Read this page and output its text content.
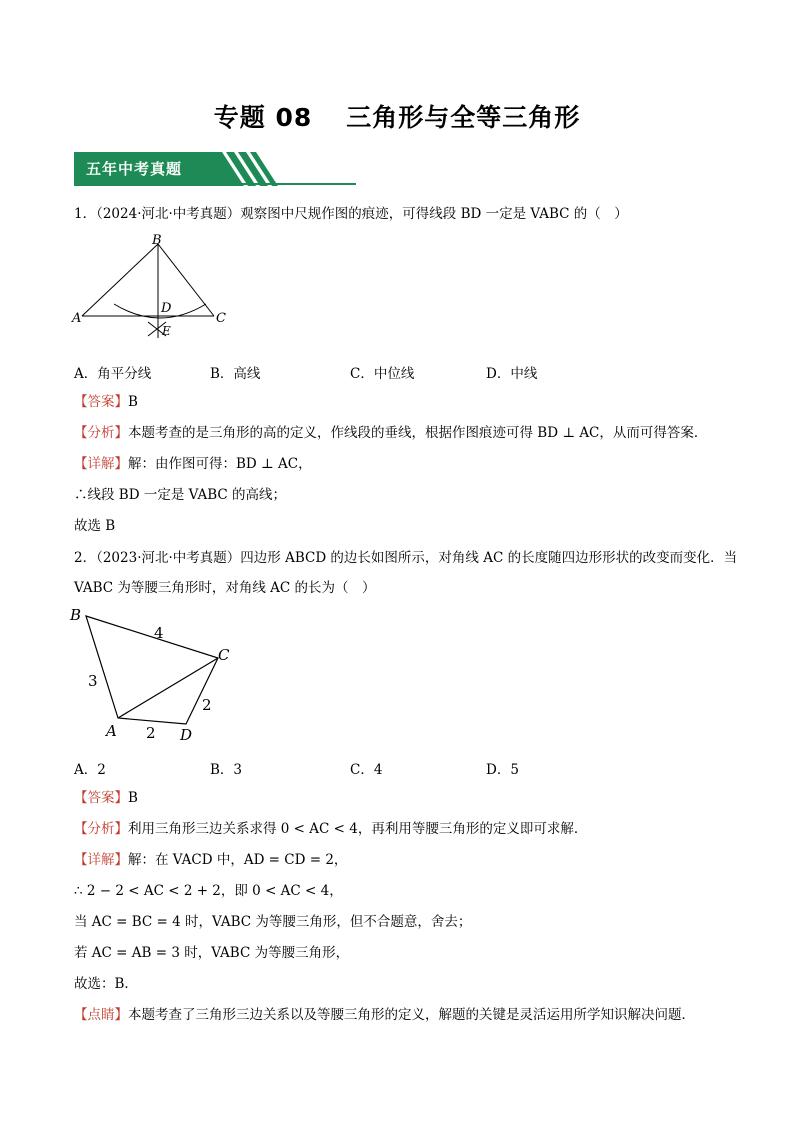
专题 08 三角形与全等三角形
五年中考真题
1．（2024·河北·中考真题）观察图中尺规作图的痕迹，可得线段 BD 一定是 VABC 的（　）
B
A	C
D
E
A．角平分线	B．高线	C．中位线	D．中线
【答案】B
【分析】本题考查的是三角形的高的定义，作线段的垂线，根据作图痕迹可得 BD ⊥ AC，从而可得答案．
【详解】解：由作图可得：BD ⊥ AC，
∴线段 BD 一定是 VABC 的高线；
故选 B
2．（2023·河北·中考真题）四边形 ABCD 的边长如图所示，对角线 AC 的长度随四边形形状的改变而变化．当
VABC 为等腰三角形时，对角线 AC 的长为（　）
B
C
A	D
4
3
2
2
A．2	B．3	C．4	D．5
【答案】B
【分析】利用三角形三边关系求得 0 < AC < 4，再利用等腰三角形的定义即可求解．
【详解】解：在 VACD 中，AD = CD = 2，
∴ 2 − 2 < AC < 2 + 2，即 0 < AC < 4，
当 AC = BC = 4 时，VABC 为等腰三角形，但不合题意，舍去；
若 AC = AB = 3 时，VABC 为等腰三角形，
故选：B．
【点睛】本题考查了三角形三边关系以及等腰三角形的定义，解题的关键是灵活运用所学知识解决问题．
